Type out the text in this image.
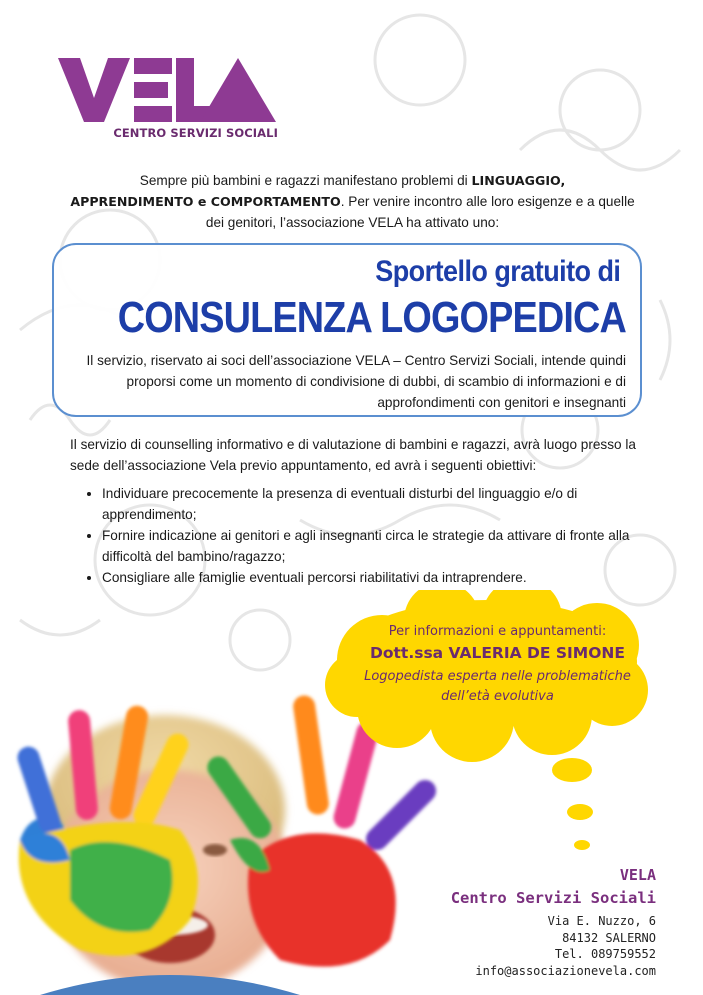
CENTRO SERVIZI SOCIALI
Sempre più bambini e ragazzi manifestano problemi di LINGUAGGIO,
APPRENDIMENTO e COMPORTAMENTO. Per venire incontro alle loro esigenze e a quelle dei genitori, l’associazione VELA ha attivato uno:
Sportello gratuito di
CONSULENZA LOGOPEDICA
Il servizio, riservato ai soci dell’associazione VELA – Centro Servizi Sociali, intende quindi proporsi come un momento di condivisione di dubbi, di scambio di informazioni e di approfondimenti con genitori e insegnanti
Il servizio di counselling informativo e di valutazione di bambini e ragazzi, avrà luogo presso la sede dell’associazione Vela previo appuntamento, ed avrà i seguenti obiettivi:
• Individuare precocemente la presenza di eventuali disturbi del linguaggio e/o di apprendimento;
• Fornire indicazione ai genitori e agli insegnanti circa le strategie da attivare di fronte alla difficoltà del bambino/ragazzo;
• Consigliare alle famiglie eventuali percorsi riabilitativi da intraprendere.
Per informazioni e appuntamenti:
Dott.ssa VALERIA DE SIMONE
Logopedista esperta nelle problematiche dell’età evolutiva
VELA
Centro Servizi Sociali
Via E. Nuzzo, 6
84132 SALERNO
Tel. 089759552
info@associazionevela.com
